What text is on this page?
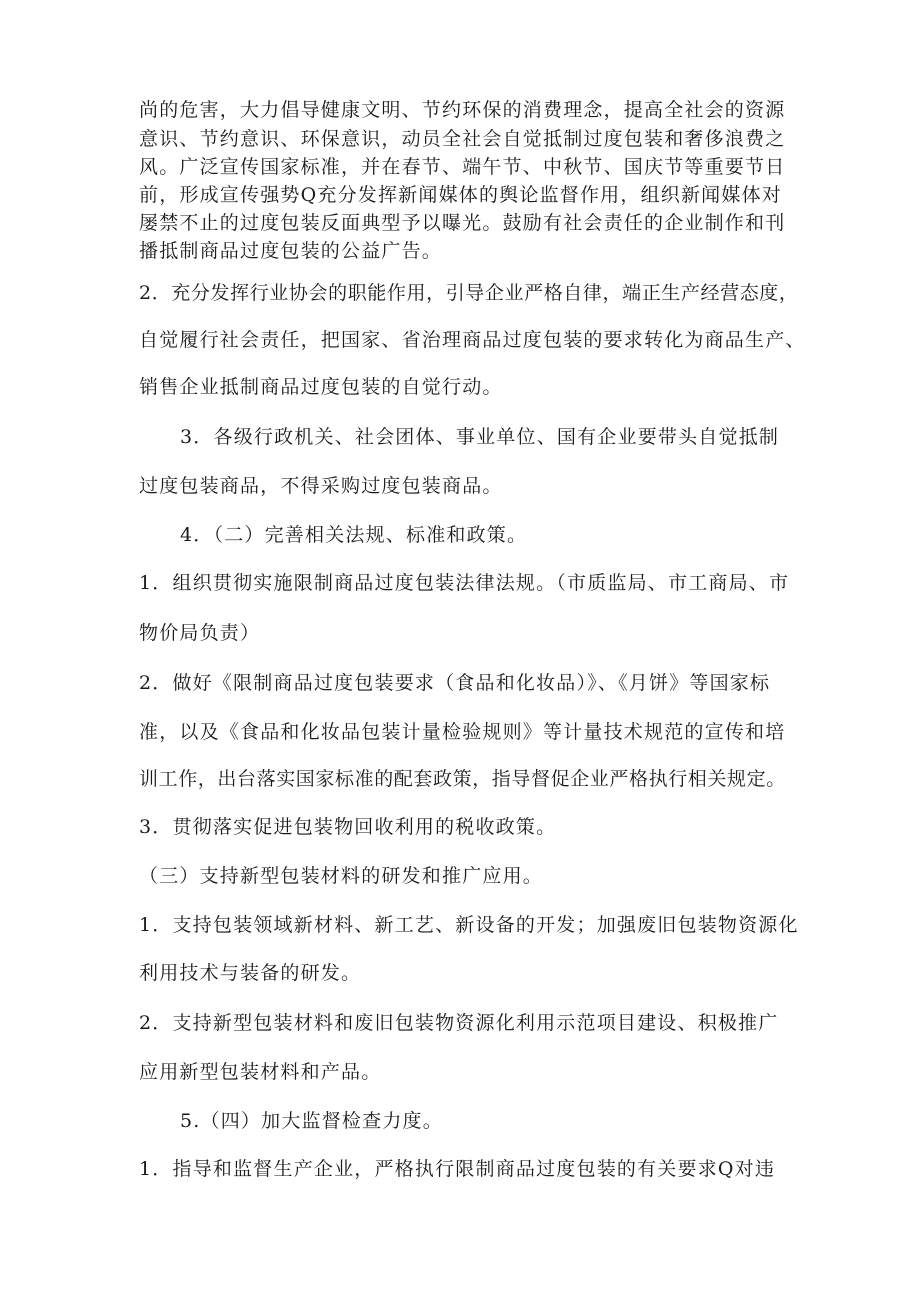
尚的危害，大力倡导健康文明、节约环保的消费理念，提高全社会的资源
意识、节约意识、环保意识，动员全社会自觉抵制过度包装和奢侈浪费之
风。广泛宣传国家标准，并在春节、端午节、中秋节、国庆节等重要节日
前，形成宣传强势Q充分发挥新闻媒体的舆论监督作用，组织新闻媒体对
屡禁不止的过度包装反面典型予以曝光。鼓励有社会责任的企业制作和刊
播抵制商品过度包装的公益广告。
2．充分发挥行业协会的职能作用，引导企业严格自律，端正生产经营态度，
自觉履行社会责任，把国家、省治理商品过度包装的要求转化为商品生产、
销售企业抵制商品过度包装的自觉行动。
3．各级行政机关、社会团体、事业单位、国有企业要带头自觉抵制
过度包装商品，不得采购过度包装商品。
4．（二）完善相关法规、标准和政策。
1．组织贯彻实施限制商品过度包装法律法规。（市质监局、市工商局、市
物价局负责）
2．做好《限制商品过度包装要求（食品和化妆品）》、《月饼》等国家标
准，以及《食品和化妆品包装计量检验规则》等计量技术规范的宣传和培
训工作，出台落实国家标准的配套政策，指导督促企业严格执行相关规定。
3．贯彻落实促进包装物回收利用的税收政策。
（三）支持新型包装材料的研发和推广应用。
1．支持包装领域新材料、新工艺、新设备的开发；加强废旧包装物资源化
利用技术与装备的研发。
2．支持新型包装材料和废旧包装物资源化利用示范项目建设、积极推广
应用新型包装材料和产品。
5.（四）加大监督检查力度。
1．指导和监督生产企业，严格执行限制商品过度包装的有关要求Q对违
